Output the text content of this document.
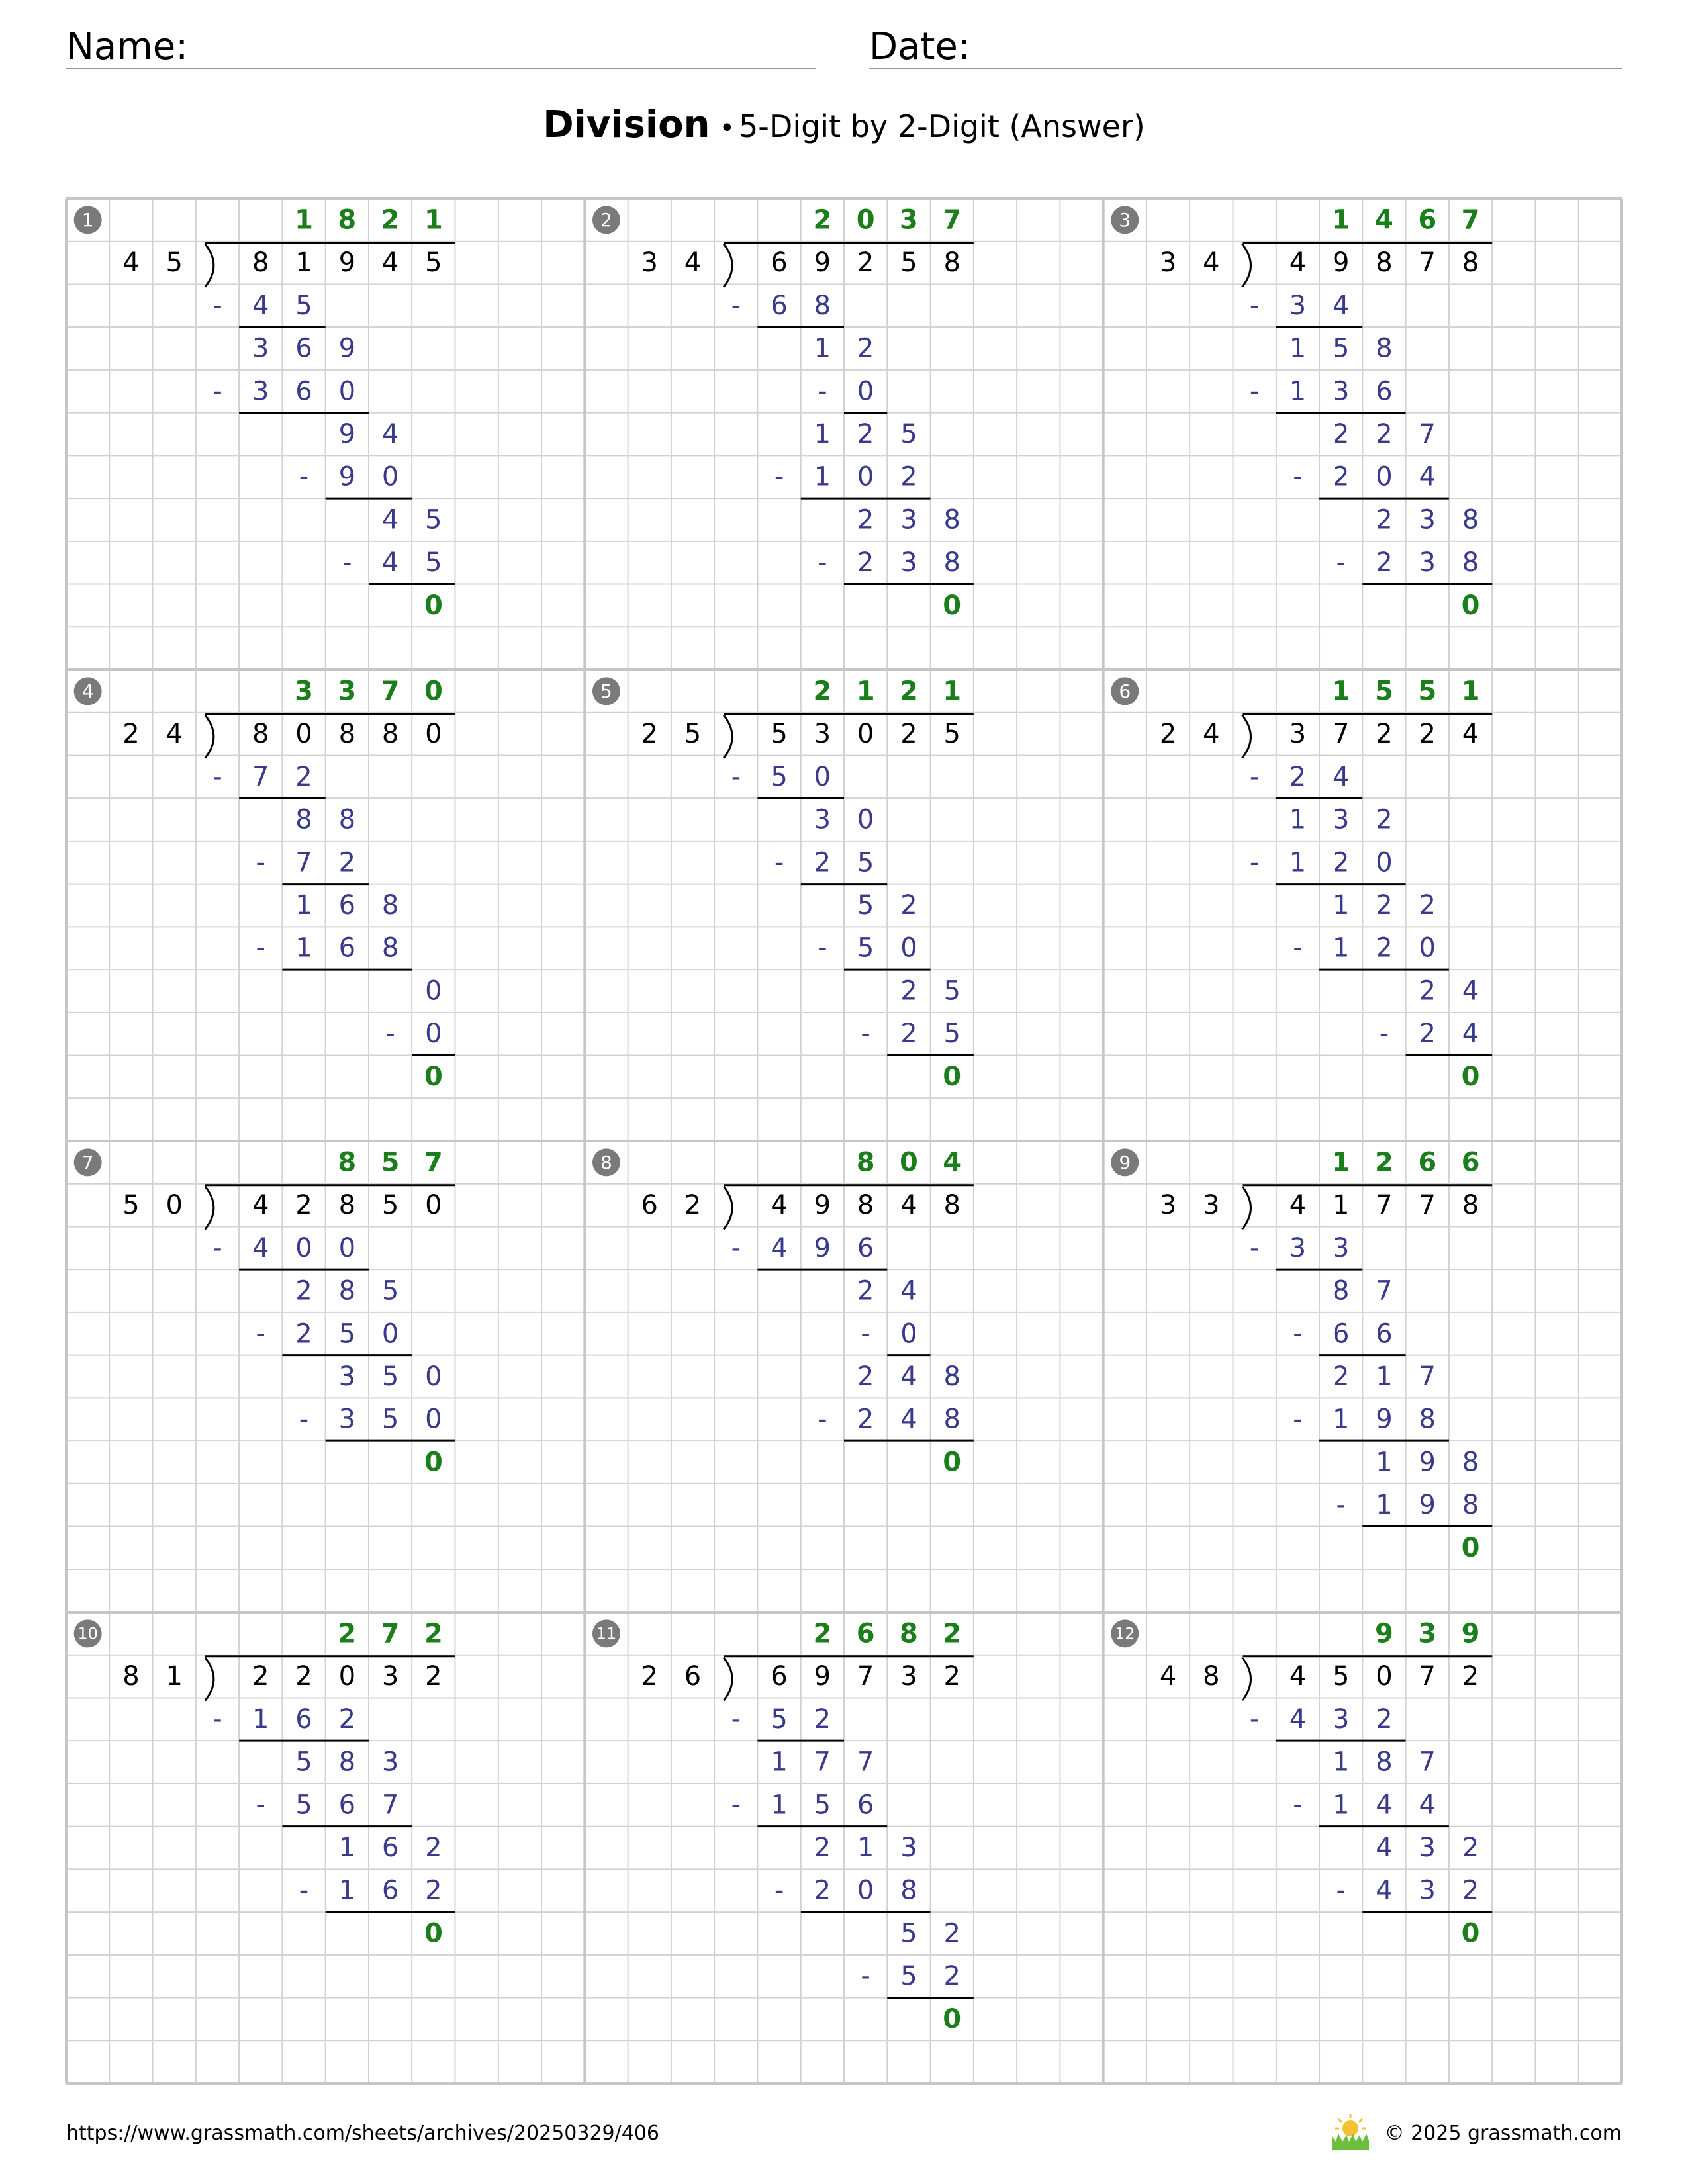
Name:	Date:
Division • 5-Digit by 2-Digit (Answer)
1
4 5	8 1 9 4 5
1 8 2 1
- 4 5
3 6 9
- 3 6 0
9 4
- 9 0
4 5
- 4 5
0
2
3 4	6 9 2 5 8
2 0 3 7
- 6 8
1 2
- 0
1 2 5
- 1 0 2
2 3 8
- 2 3 8
0
3
3 4	4 9 8 7 8
1 4 6 7
- 3 4
1 5 8
- 1 3 6
2 2 7
- 2 0 4
2 3 8
- 2 3 8
0
4
2 4	8 0 8 8 0
3 3 7 0
- 7 2
8 8
- 7 2
1 6 8
- 1 6 8
0
- 0
0
5
2 5	5 3 0 2 5
2 1 2 1
- 5 0
3 0
- 2 5
5 2
- 5 0
2 5
- 2 5
0
6
2 4	3 7 2 2 4
1 5 5 1
- 2 4
1 3 2
- 1 2 0
1 2 2
- 1 2 0
2 4
- 2 4
0
7
5 0	4 2 8 5 0
8 5 7
- 4 0 0
2 8 5
- 2 5 0
3 5 0
- 3 5 0
0
8
6 2	4 9 8 4 8
8 0 4
- 4 9 6
2 4
- 0
2 4 8
- 2 4 8
0
9
3 3	4 1 7 7 8
1 2 6 6
- 3 3
8 7
- 6 6
2 1 7
- 1 9 8
1 9 8
- 1 9 8
0
10
8 1	2 2 0 3 2
2 7 2
- 1 6 2
5 8 3
- 5 6 7
1 6 2
- 1 6 2
0
11
2 6	6 9 7 3 2
2 6 8 2
- 5 2
1 7 7
- 1 5 6
2 1 3
- 2 0 8
5 2
- 5 2
0
12
4 8	4 5 0 7 2
9 3 9
- 4 3 2
1 8 7
- 1 4 4
4 3 2
- 4 3 2
0
https://www.grassmath.com/sheets/archives/20250329/406	© 2025 grassmath.com
